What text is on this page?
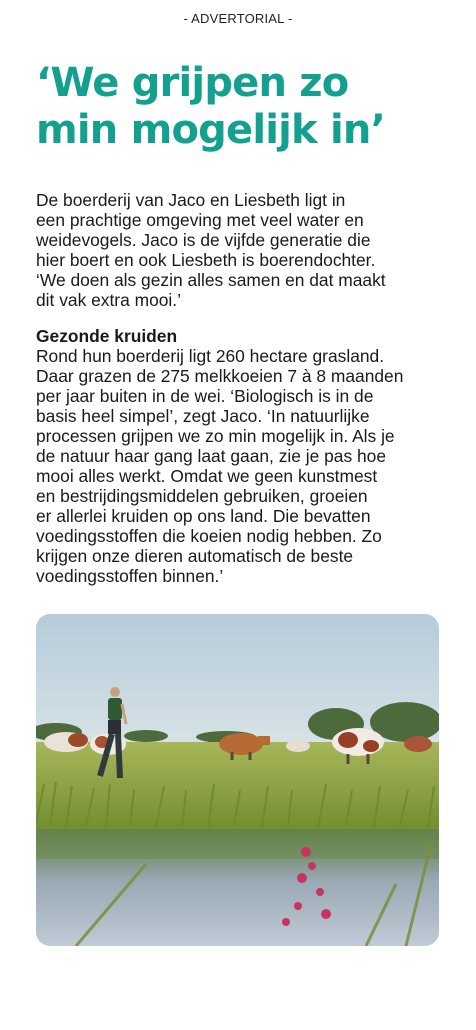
- ADVERTORIAL -
‘We grijpen zo
min mogelijk in’

De boerderij van Jaco en Liesbeth ligt in
een prachtige omgeving met veel water en
weidevogels. Jaco is de vijfde generatie die
hier boert en ook Liesbeth is boerendochter.
‘We doen als gezin alles samen en dat maakt
dit vak extra mooi.’

Gezonde kruiden

Rond hun boerderij ligt 260 hectare grasland.
Daar grazen de 275 melkkoeien 7 à 8 maanden
per jaar buiten in de wei. ‘Biologisch is in de
basis heel simpel’, zegt Jaco. ‘In natuurlijke
processen grijpen we zo min mogelijk in. Als je
de natuur haar gang laat gaan, zie je pas hoe
mooi alles werkt. Omdat we geen kunstmest
en bestrijdingsmiddelen gebruiken, groeien
er allerlei kruiden op ons land. Die bevatten
voedingsstoffen die koeien nodig hebben. Zo
krijgen onze dieren automatisch de beste
voedingsstoffen binnen.’
